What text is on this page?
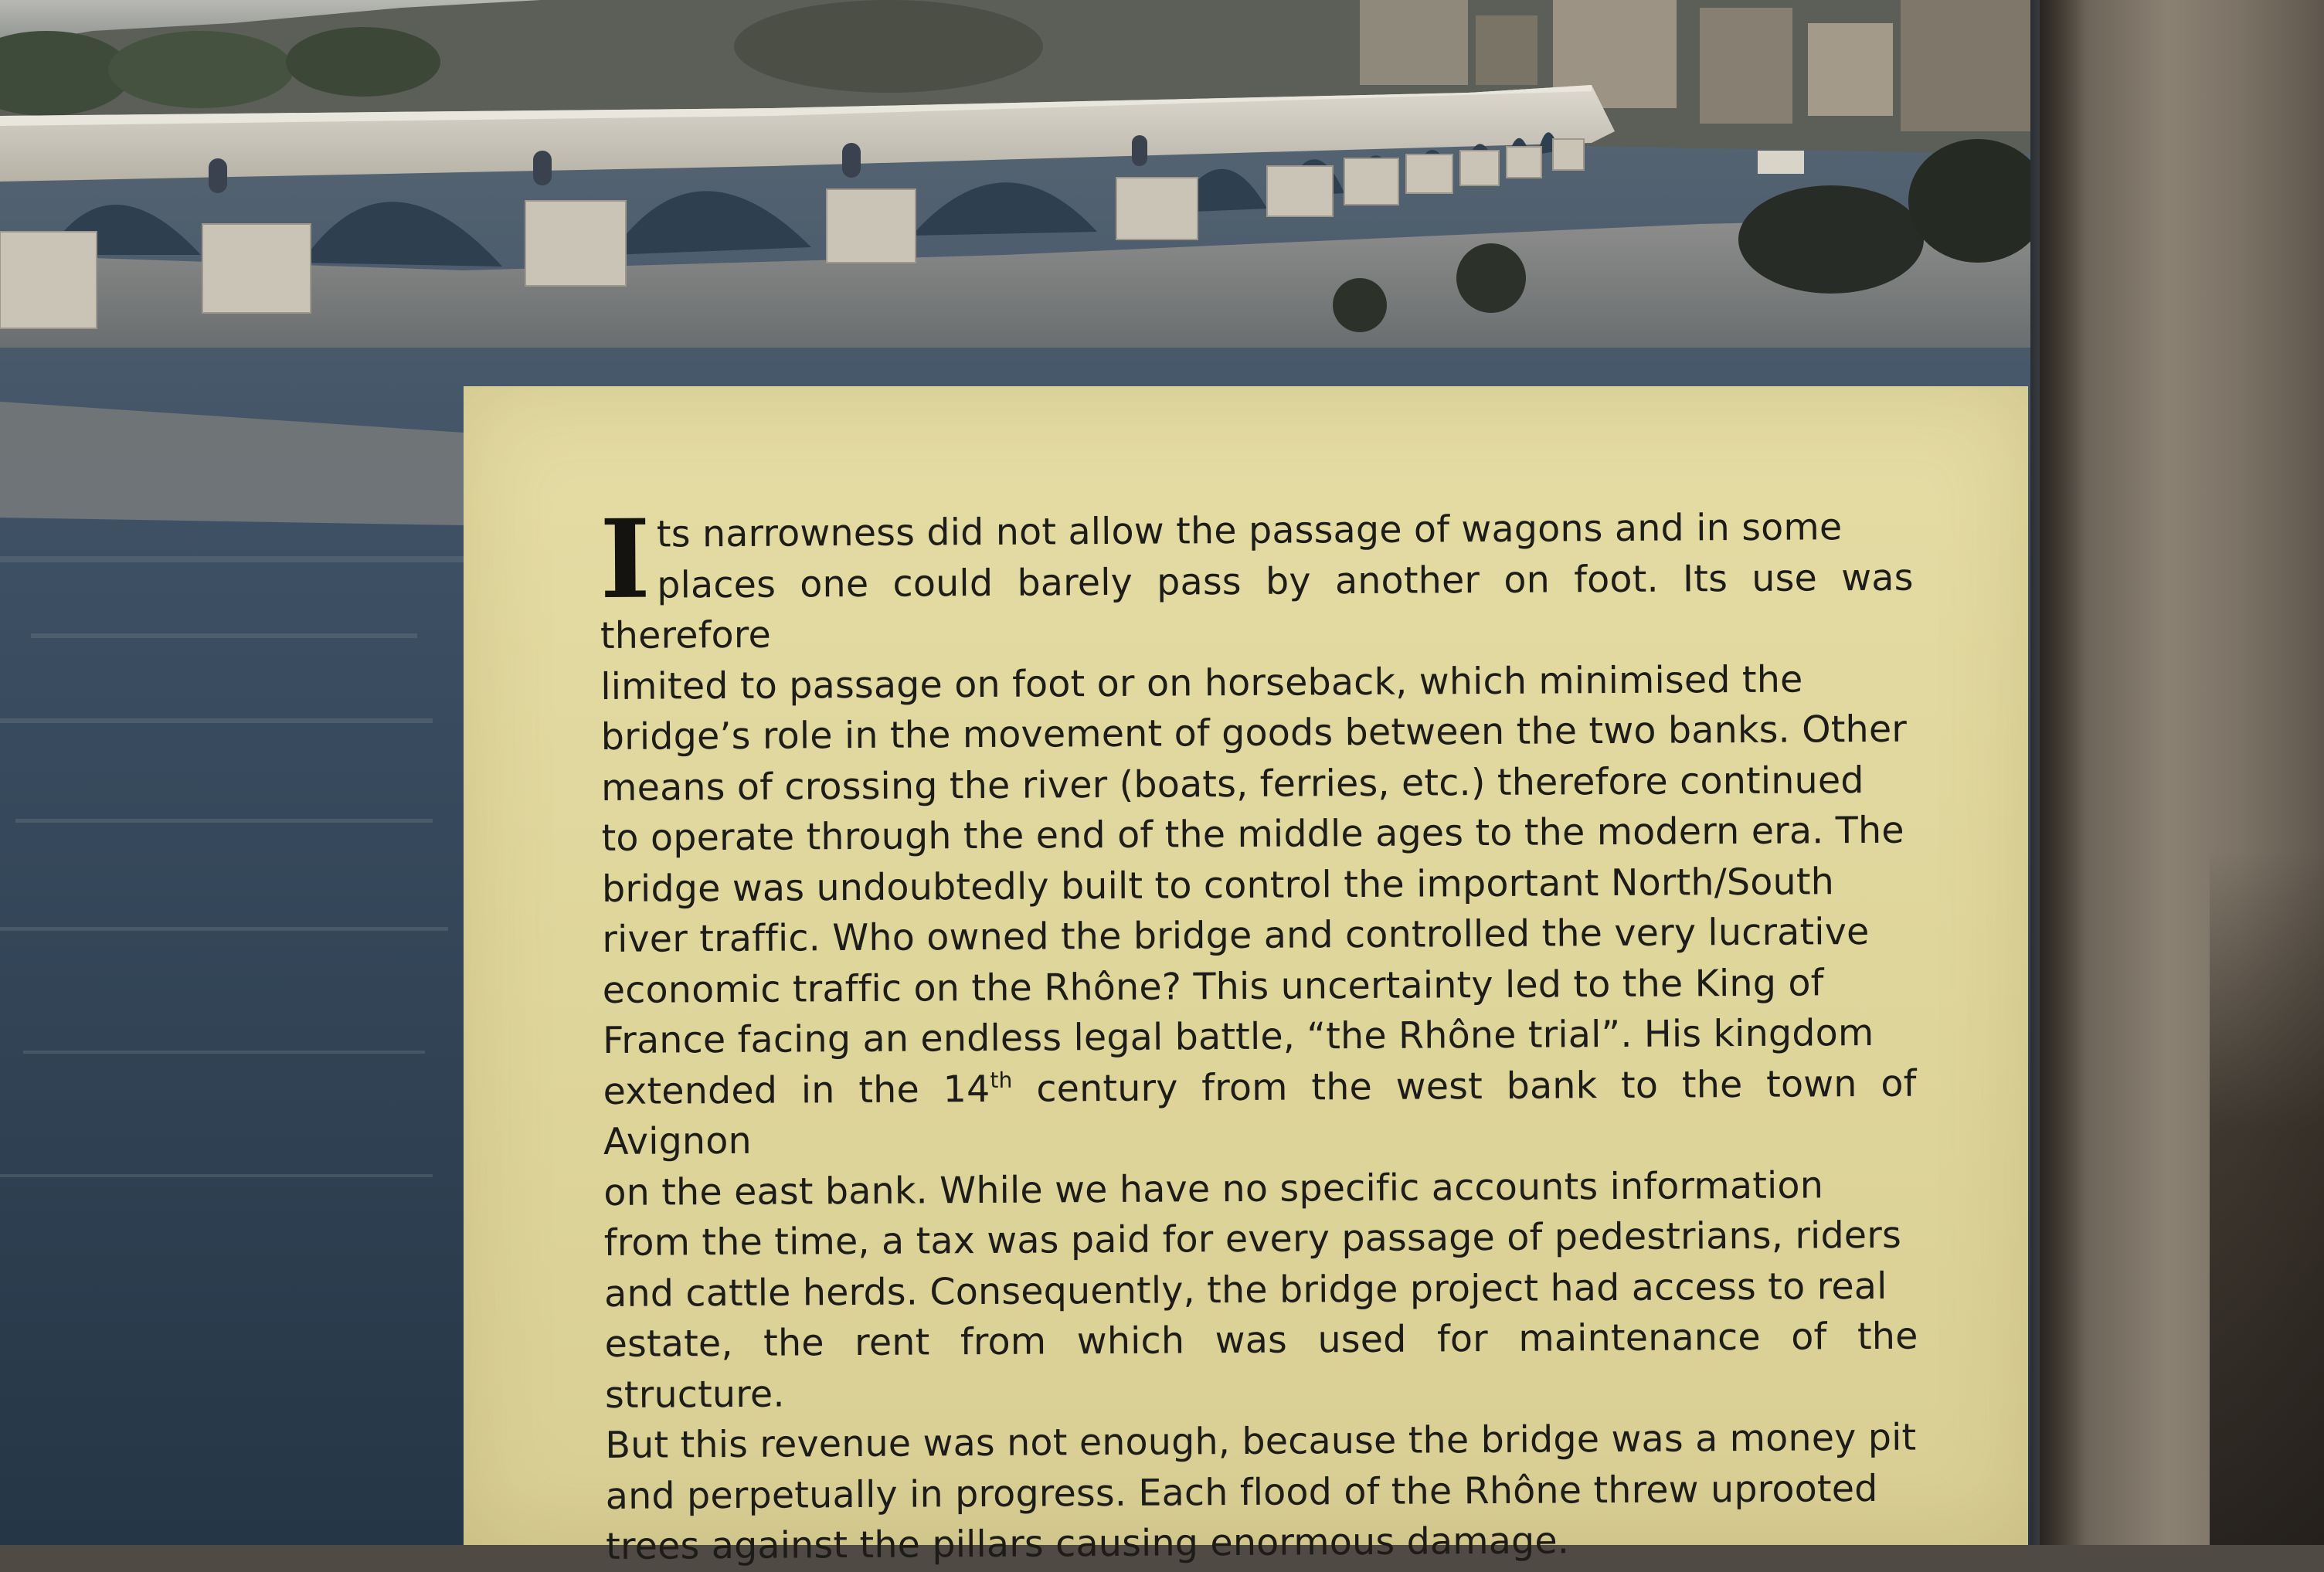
I ts narrowness did not allow the passage of wagons and in some

places one could barely pass by another on foot. Its use was therefore

limited to passage on foot or on horseback, which minimised the

bridge’s role in the movement of goods between the two banks. Other

means of crossing the river (boats, ferries, etc.) therefore continued

to operate through the end of the middle ages to the modern era. The

bridge was undoubtedly built to control the important North/South

river traffic. Who owned the bridge and controlled the very lucrative

economic traffic on the Rhône? This uncertainty led to the King of

France facing an endless legal battle, “the Rhône trial”. His kingdom

extended in the 14th century from the west bank to the town of Avignon

on the east bank. While we have no specific accounts information

from the time, a tax was paid for every passage of pedestrians, riders

and cattle herds. Consequently, the bridge project had access to real

estate, the rent from which was used for maintenance of the structure.

But this revenue was not enough, because the bridge was a money pit

and perpetually in progress. Each flood of the Rhône threw uprooted

trees against the pillars causing enormous damage.
